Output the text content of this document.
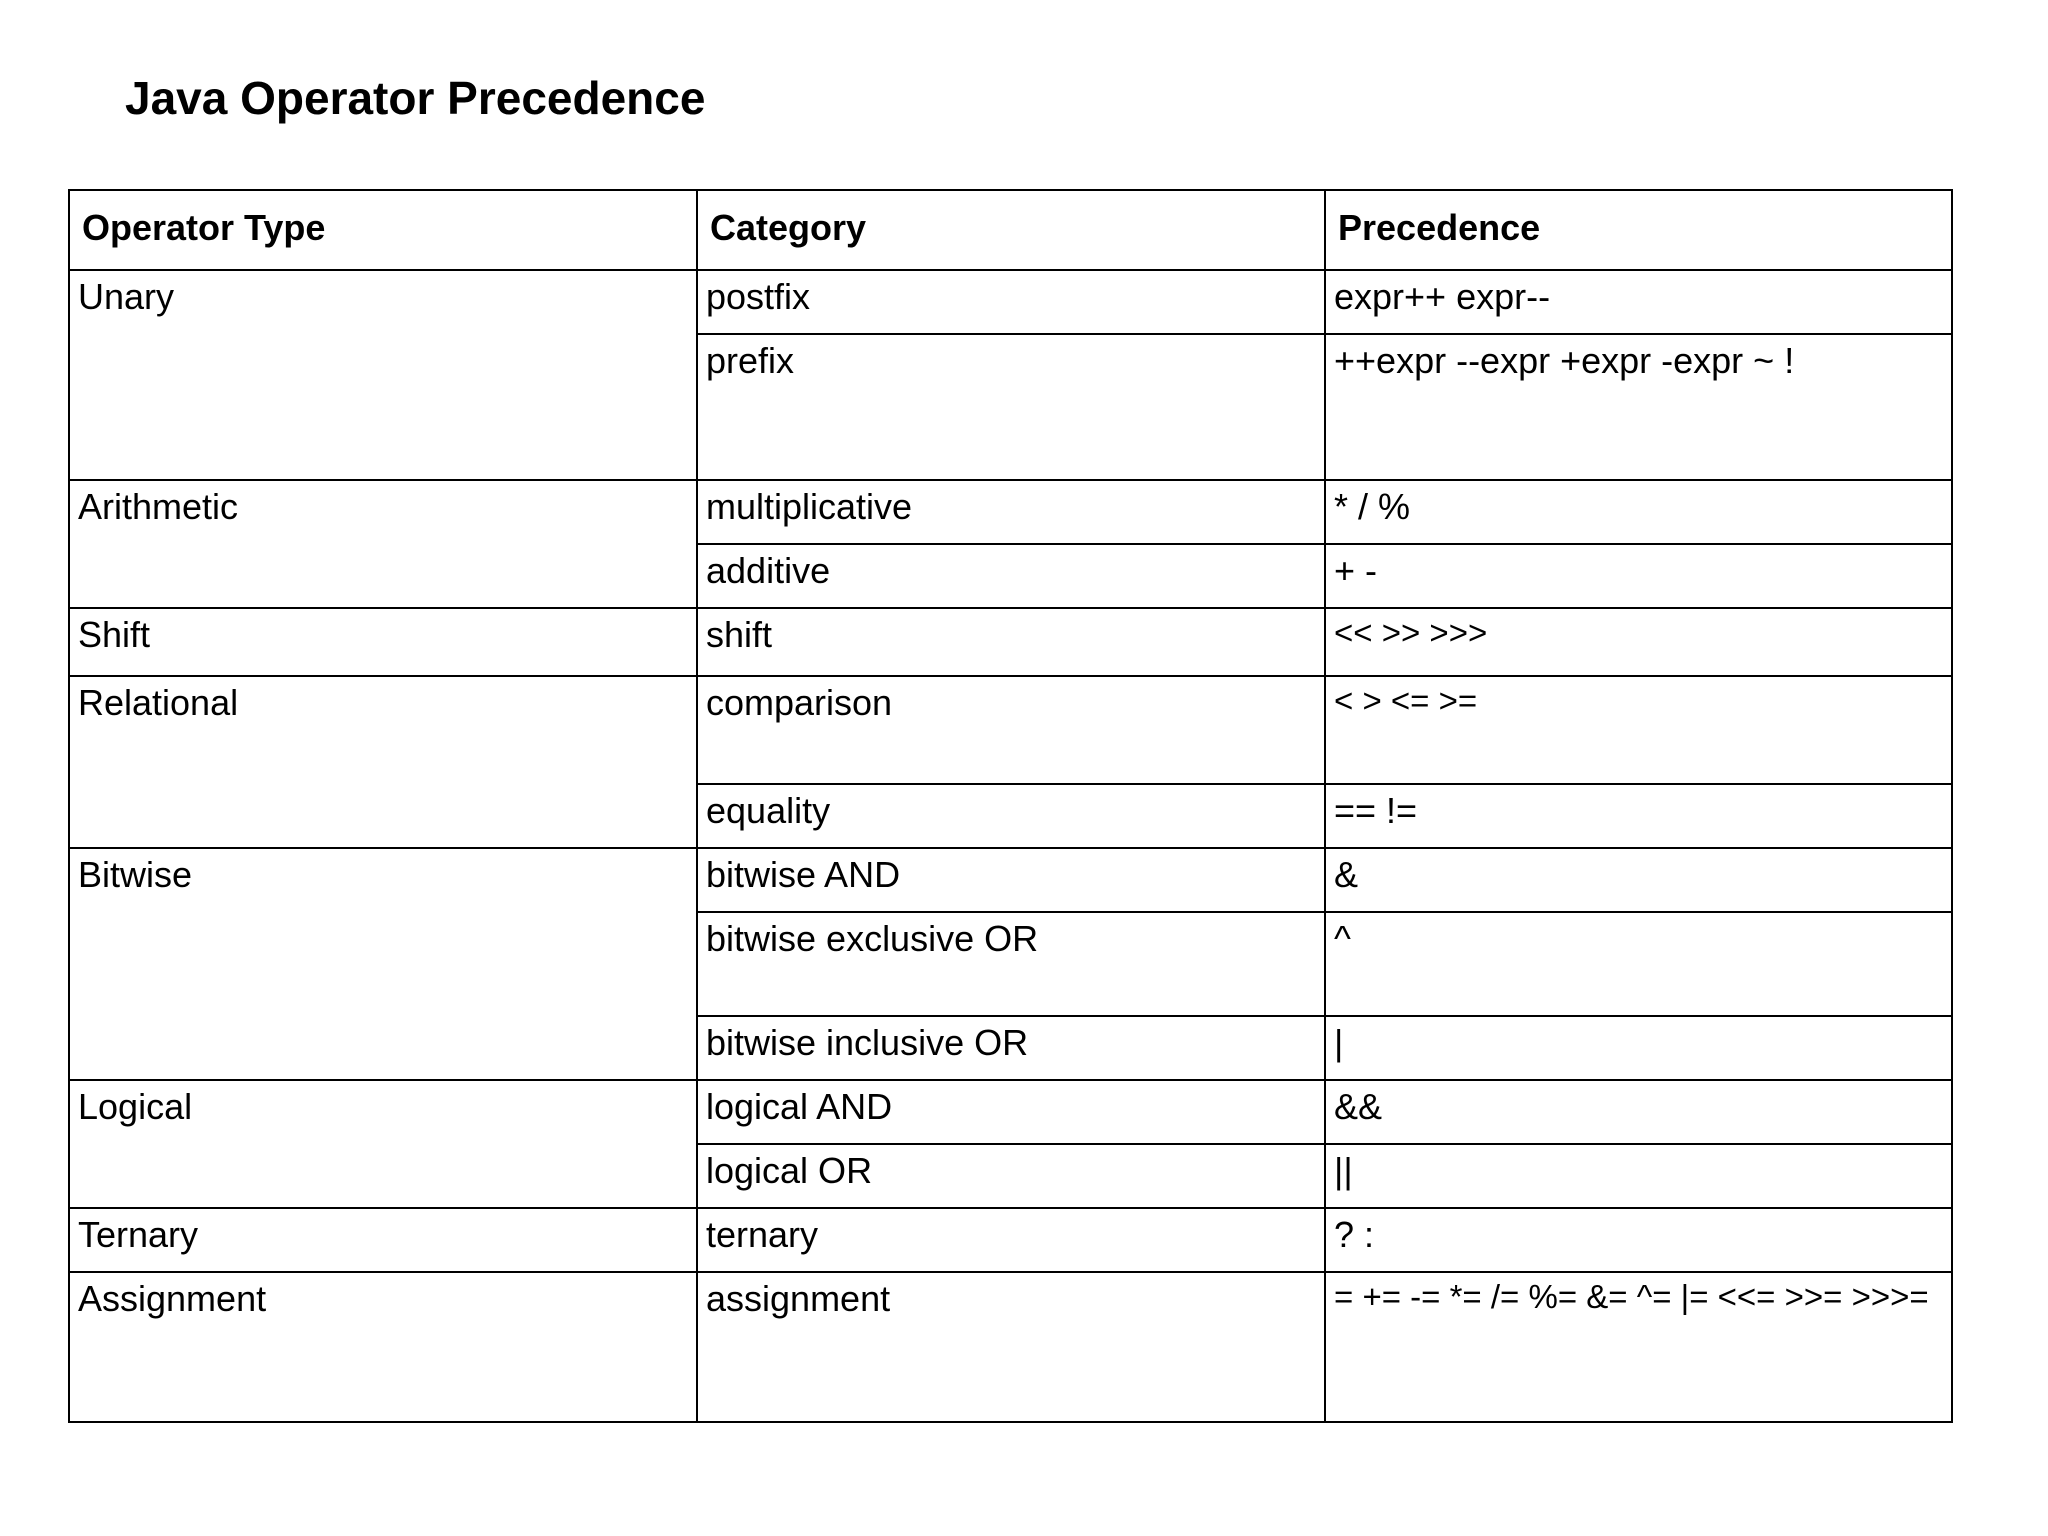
Java Operator Precedence
Operator Type	Category	Precedence
Unary	postfix	expr++ expr--
	prefix	++expr --expr +expr -expr ~ !
Arithmetic	multiplicative	* / %
	additive	+ -
Shift	shift	<< >> >>>
Relational	comparison	< > <= >=
	equality	== !=
Bitwise	bitwise AND	&
	bitwise exclusive OR	^
	bitwise inclusive OR	|
Logical	logical AND	&&
	logical OR	||
Ternary	ternary	? :
Assignment	assignment	= += -= *= /= %= &= ^= |= <<= >>= >>>=
